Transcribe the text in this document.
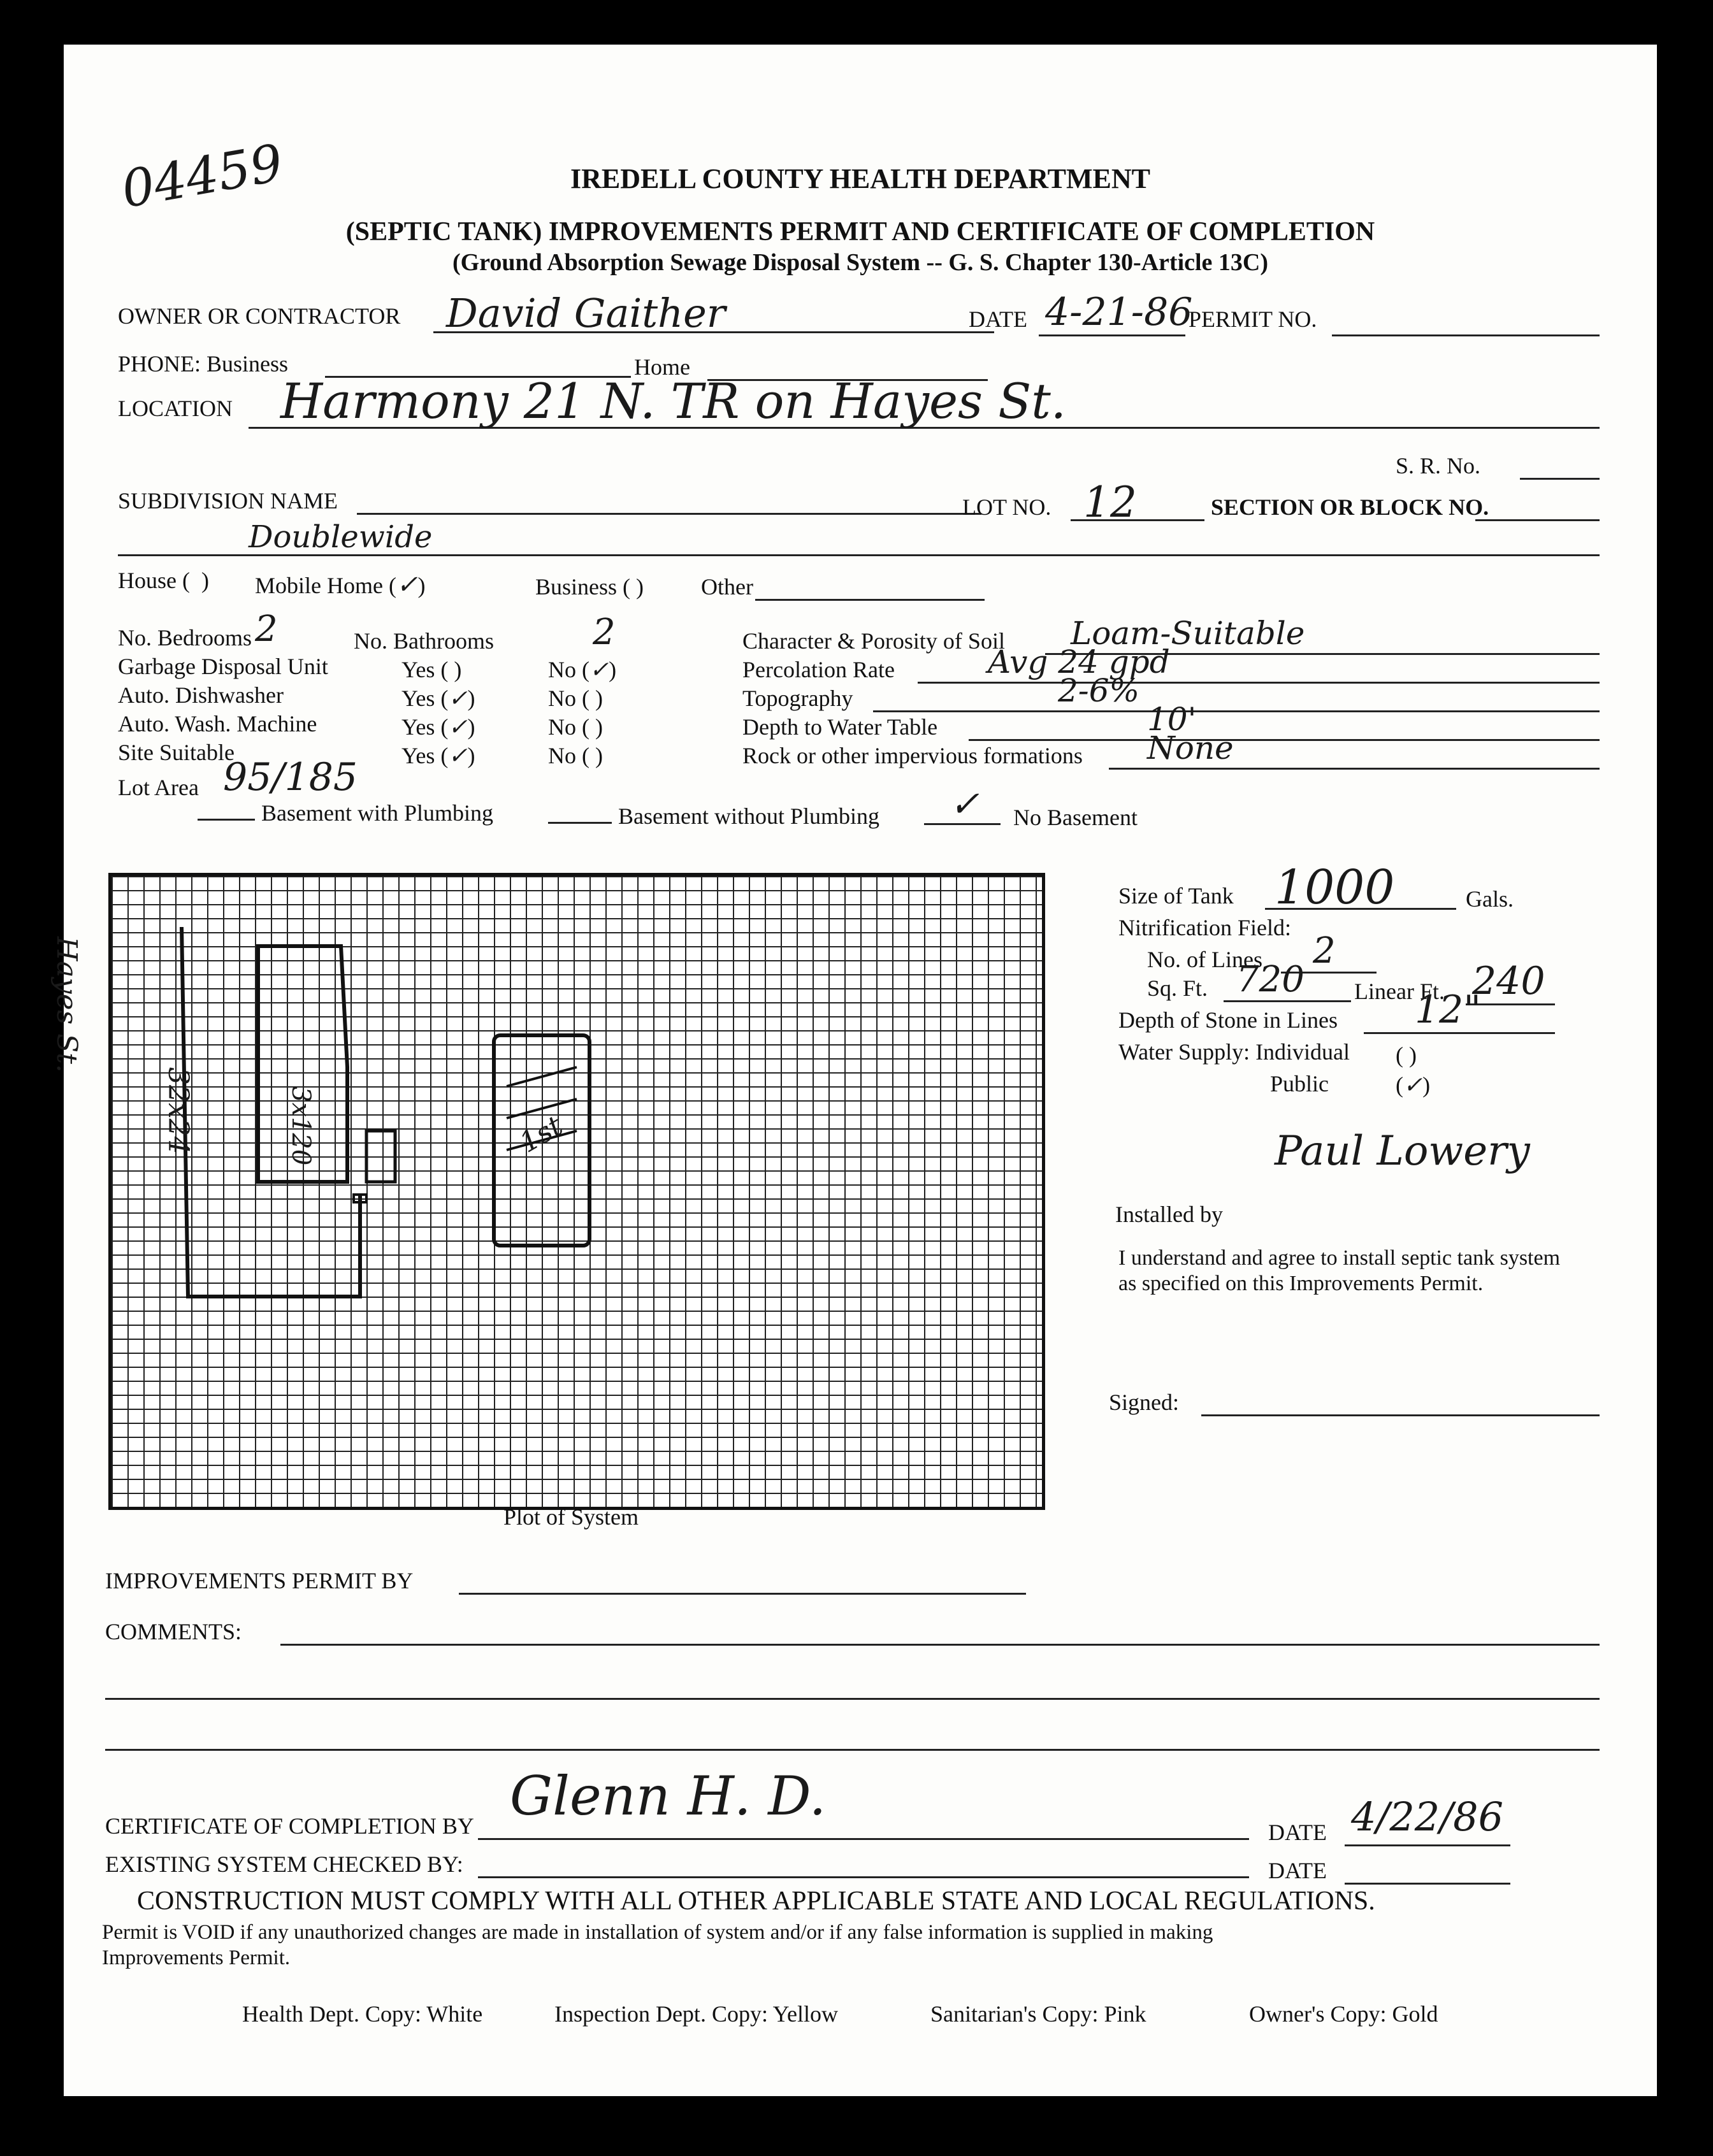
04459	IREDELL COUNTY HEALTH DEPARTMENT
(SEPTIC TANK) IMPROVEMENTS PERMIT AND CERTIFICATE OF COMPLETION
(Ground Absorption Sewage Disposal System -- G. S. Chapter 130-Article 13C)
OWNER OR CONTRACTOR David Gaither	DATE 4-21-86
PERMIT NO.
PHONE: Business	Home
LOCATION Harmony 21 N. TR on Hayes St.
S. R. No.
SUBDIVISION NAME	LOT NO. 12	SECTION OR BLOCK NO.
Doublewide
House ( ) Mobile Home (✓)	Business ( )	Other
No. Bedrooms 2	No. Bathrooms	2
Garbage Disposal Unit	Yes ( )	No (✓)
Auto. Dishwasher	Yes (✓)	No ( )
Auto. Wash. Machine	Yes (✓)	No ( )
Site Suitable	Yes (✓)	No ( )
Lot Area 95/185
Character & Porosity of Soil Loam-Suitable
Percolation Rate	Avg 24 gpd
Topography	2-6%
Depth to Water Table	10'
Rock or other impervious formations None
Basement with Plumbing	Basement without Plumbing ✓ No Basement
32x24	3x120	1st
Hayes St.
Plot of System
Size of Tank 1000	Gals.
Nitrification Field:
No. of Lines 2
Sq. Ft. 720 Linear Ft. 240
Depth of Stone in Lines 12"
Water Supply: Individual ( )
Public	(✓)
Paul Lowery
Installed by
I understand and agree to install septic tank system as specified on this Improvements Permit.
Signed:
IMPROVEMENTS PERMIT BY
COMMENTS:
CERTIFICATE OF COMPLETION BY Glenn H. D.
DATE 4/22/86
EXISTING SYSTEM CHECKED BY:	DATE
CONSTRUCTION MUST COMPLY WITH ALL OTHER APPLICABLE STATE AND LOCAL REGULATIONS.
Permit is VOID if any unauthorized changes are made in installation of system and/or if any false information is supplied in making
Improvements Permit.
Health Dept. Copy: White	Inspection Dept. Copy: Yellow	Sanitarian's Copy: Pink	Owner's Copy: Gold
